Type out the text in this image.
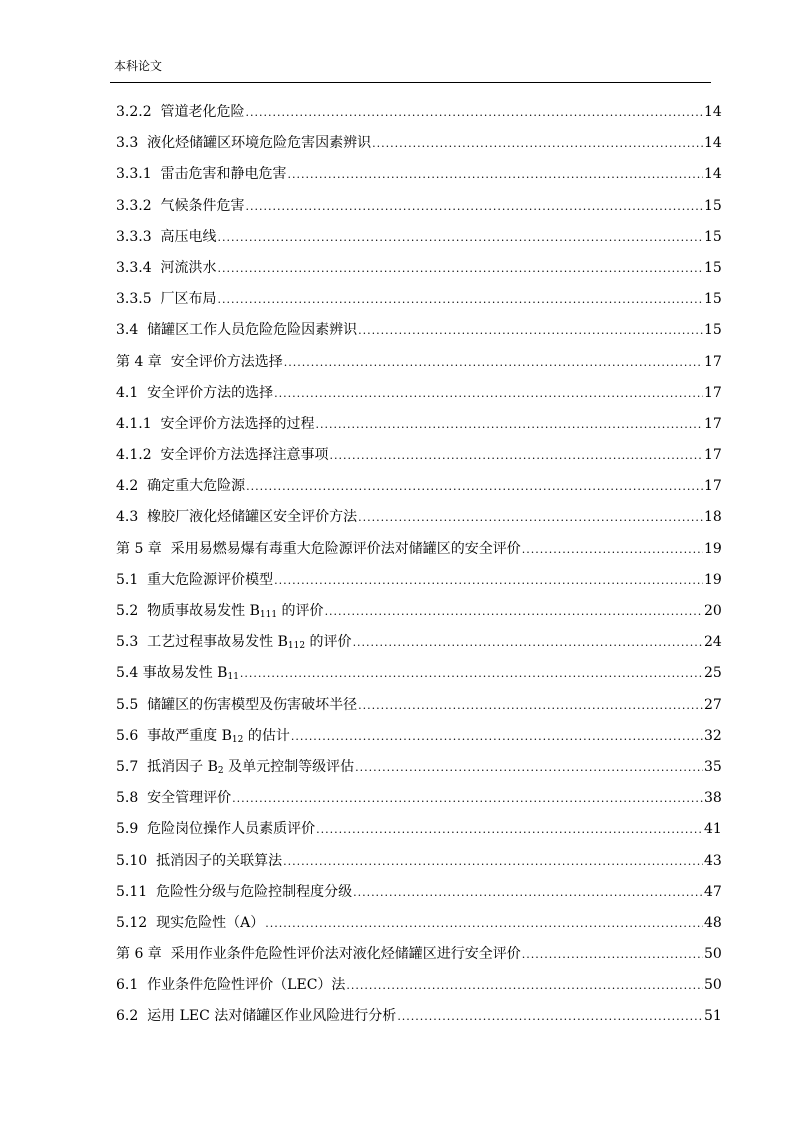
本科论文
3.2.2 管道老化危险 .....	14
3.3 液化烃储罐区环境危险危害因素辨识 .....	14
3.3.1 雷击危害和静电危害 .....	14
3.3.2 气候条件危害 .....	15
3.3.3 高压电线 .....	15
3.3.4 河流洪水 .....	15
3.3.5 厂区布局 .....	15
3.4 储罐区工作人员危险危险因素辨识 .....	15
第 4 章 安全评价方法选择 .....	17
4.1 安全评价方法的选择 .....	17
4.1.1 安全评价方法选择的过程 .....	17
4.1.2 安全评价方法选择注意事项 .....	17
4.2 确定重大危险源 .....	17
4.3 橡胶厂液化烃储罐区安全评价方法 .....	18
第 5 章 采用易燃易爆有毒重大危险源评价法对储罐区的安全评价 .....	19
5.1 重大危险源评价模型 .....	19
5.2 物质事故易发性 $B_{111}$ 的评价 .....	20
5.3 工艺过程事故易发性 $B_{112}$ 的评价 .....	24
5.4 事故易发性 $B_{11}$ .....	25
5.5 储罐区的伤害模型及伤害破坏半径 .....	27
5.6 事故严重度 $B_{12}$ 的估计 .....	32
5.7 抵消因子 $B_2$ 及单元控制等级评估 .....	35
5.8 安全管理评价 .....	38
5.9 危险岗位操作人员素质评价 .....	41
5.10 抵消因子的关联算法 .....	43
5.11 危险性分级与危险控制程度分级 .....	47
5.12 现实危险性（A） .....	48
第 6 章 采用作业条件危险性评价法对液化烃储罐区进行安全评价 .....	50
6.1 作业条件危险性评价（LEC）法 .....	50
6.2 运用 LEC 法对储罐区作业风险进行分析 .....	51
